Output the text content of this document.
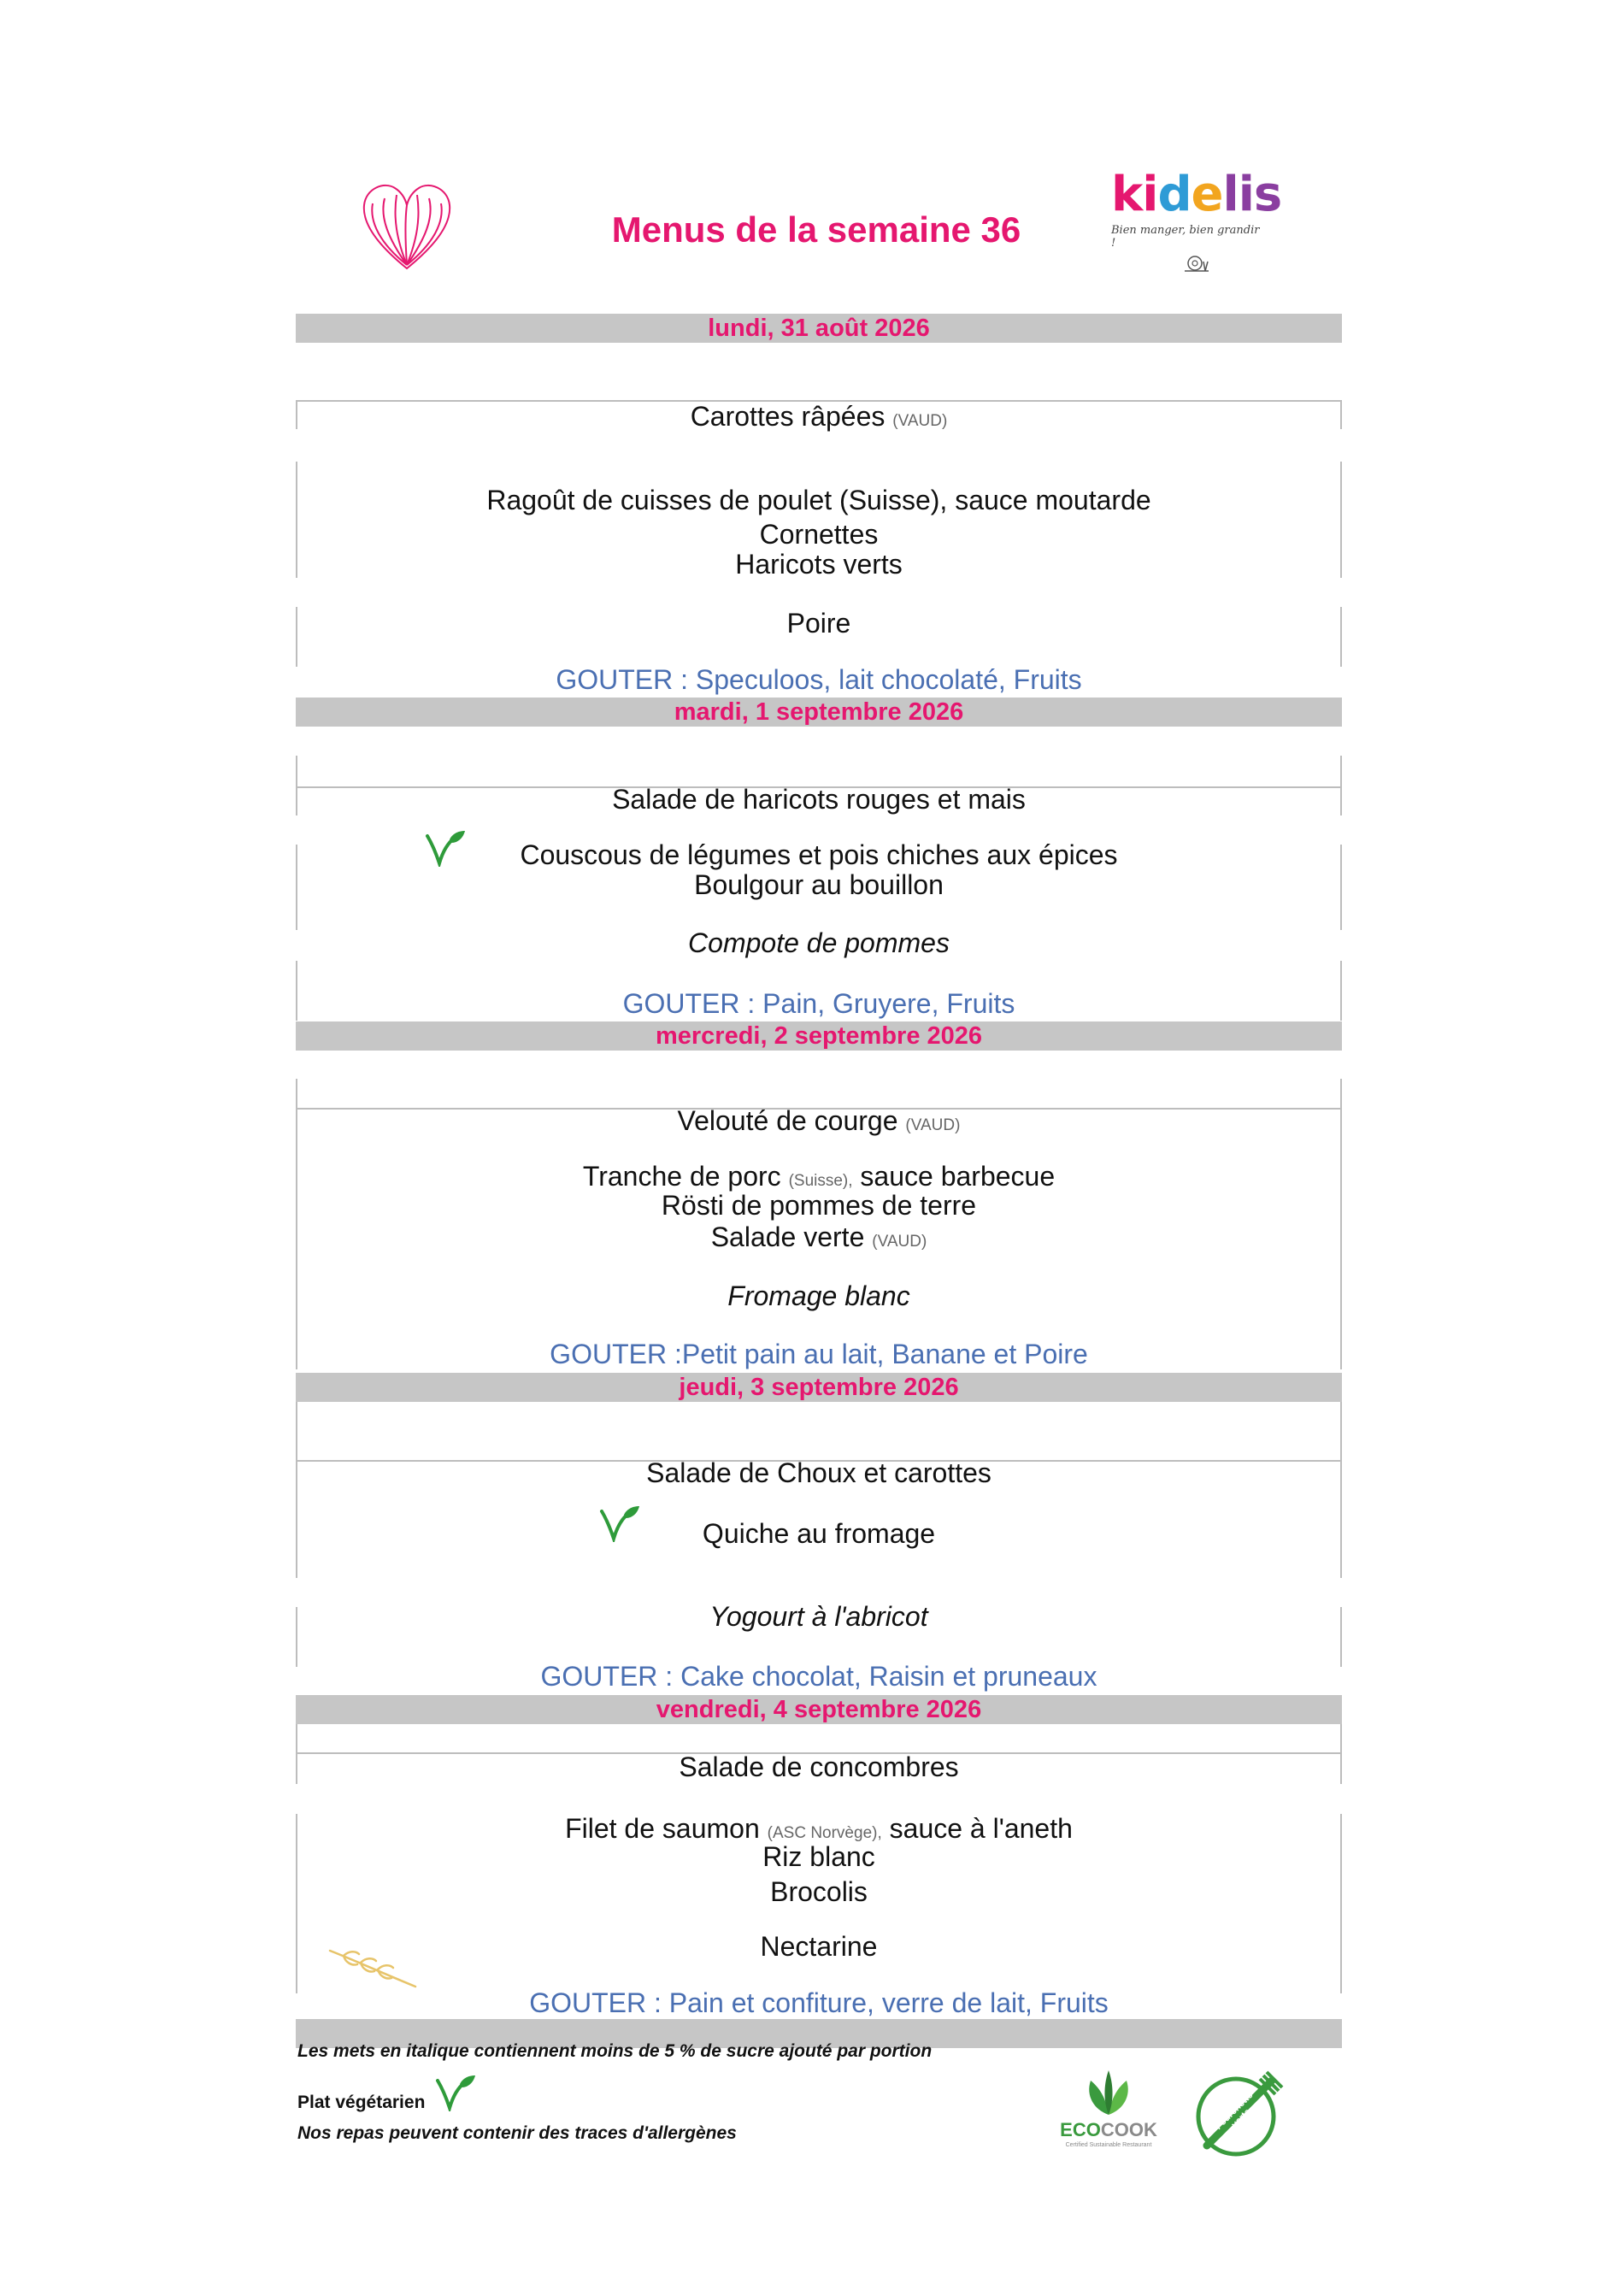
Menus de la semaine 36
kidelis
Bien manger, bien grandir !
lundi, 31 août 2026
Carottes râpées (VAUD)
Ragoût de cuisses de poulet (Suisse), sauce moutarde
Cornettes
Haricots verts
Poire
GOUTER : Speculoos, lait chocolaté, Fruits
mardi, 1 septembre 2026
Salade de haricots rouges et mais
Couscous de légumes et pois chiches aux épices
Boulgour au bouillon
Compote de pommes
GOUTER : Pain, Gruyere, Fruits
mercredi, 2 septembre 2026
Velouté de courge (VAUD)
Tranche de porc (Suisse), sauce barbecue
Rösti de pommes de terre
Salade verte (VAUD)
Fromage blanc
GOUTER :Petit pain au lait, Banane et Poire
jeudi, 3 septembre 2026
Salade de Choux et carottes
Quiche au fromage
Yogourt à l'abricot
GOUTER : Cake chocolat, Raisin et pruneaux
vendredi, 4 septembre 2026
Salade de concombres
Filet de saumon (ASC Norvège), sauce à l'aneth
Riz blanc
Brocolis
Nectarine
GOUTER : Pain et confiture, verre de lait, Fruits
Les mets en italique contiennent moins de 5 % de sucre ajouté par portion
Plat végétarien
Nos repas peuvent contenir des traces d'allergènes	ECOCOOK
Certified Sustainable Restaurant
Fourchette verte
